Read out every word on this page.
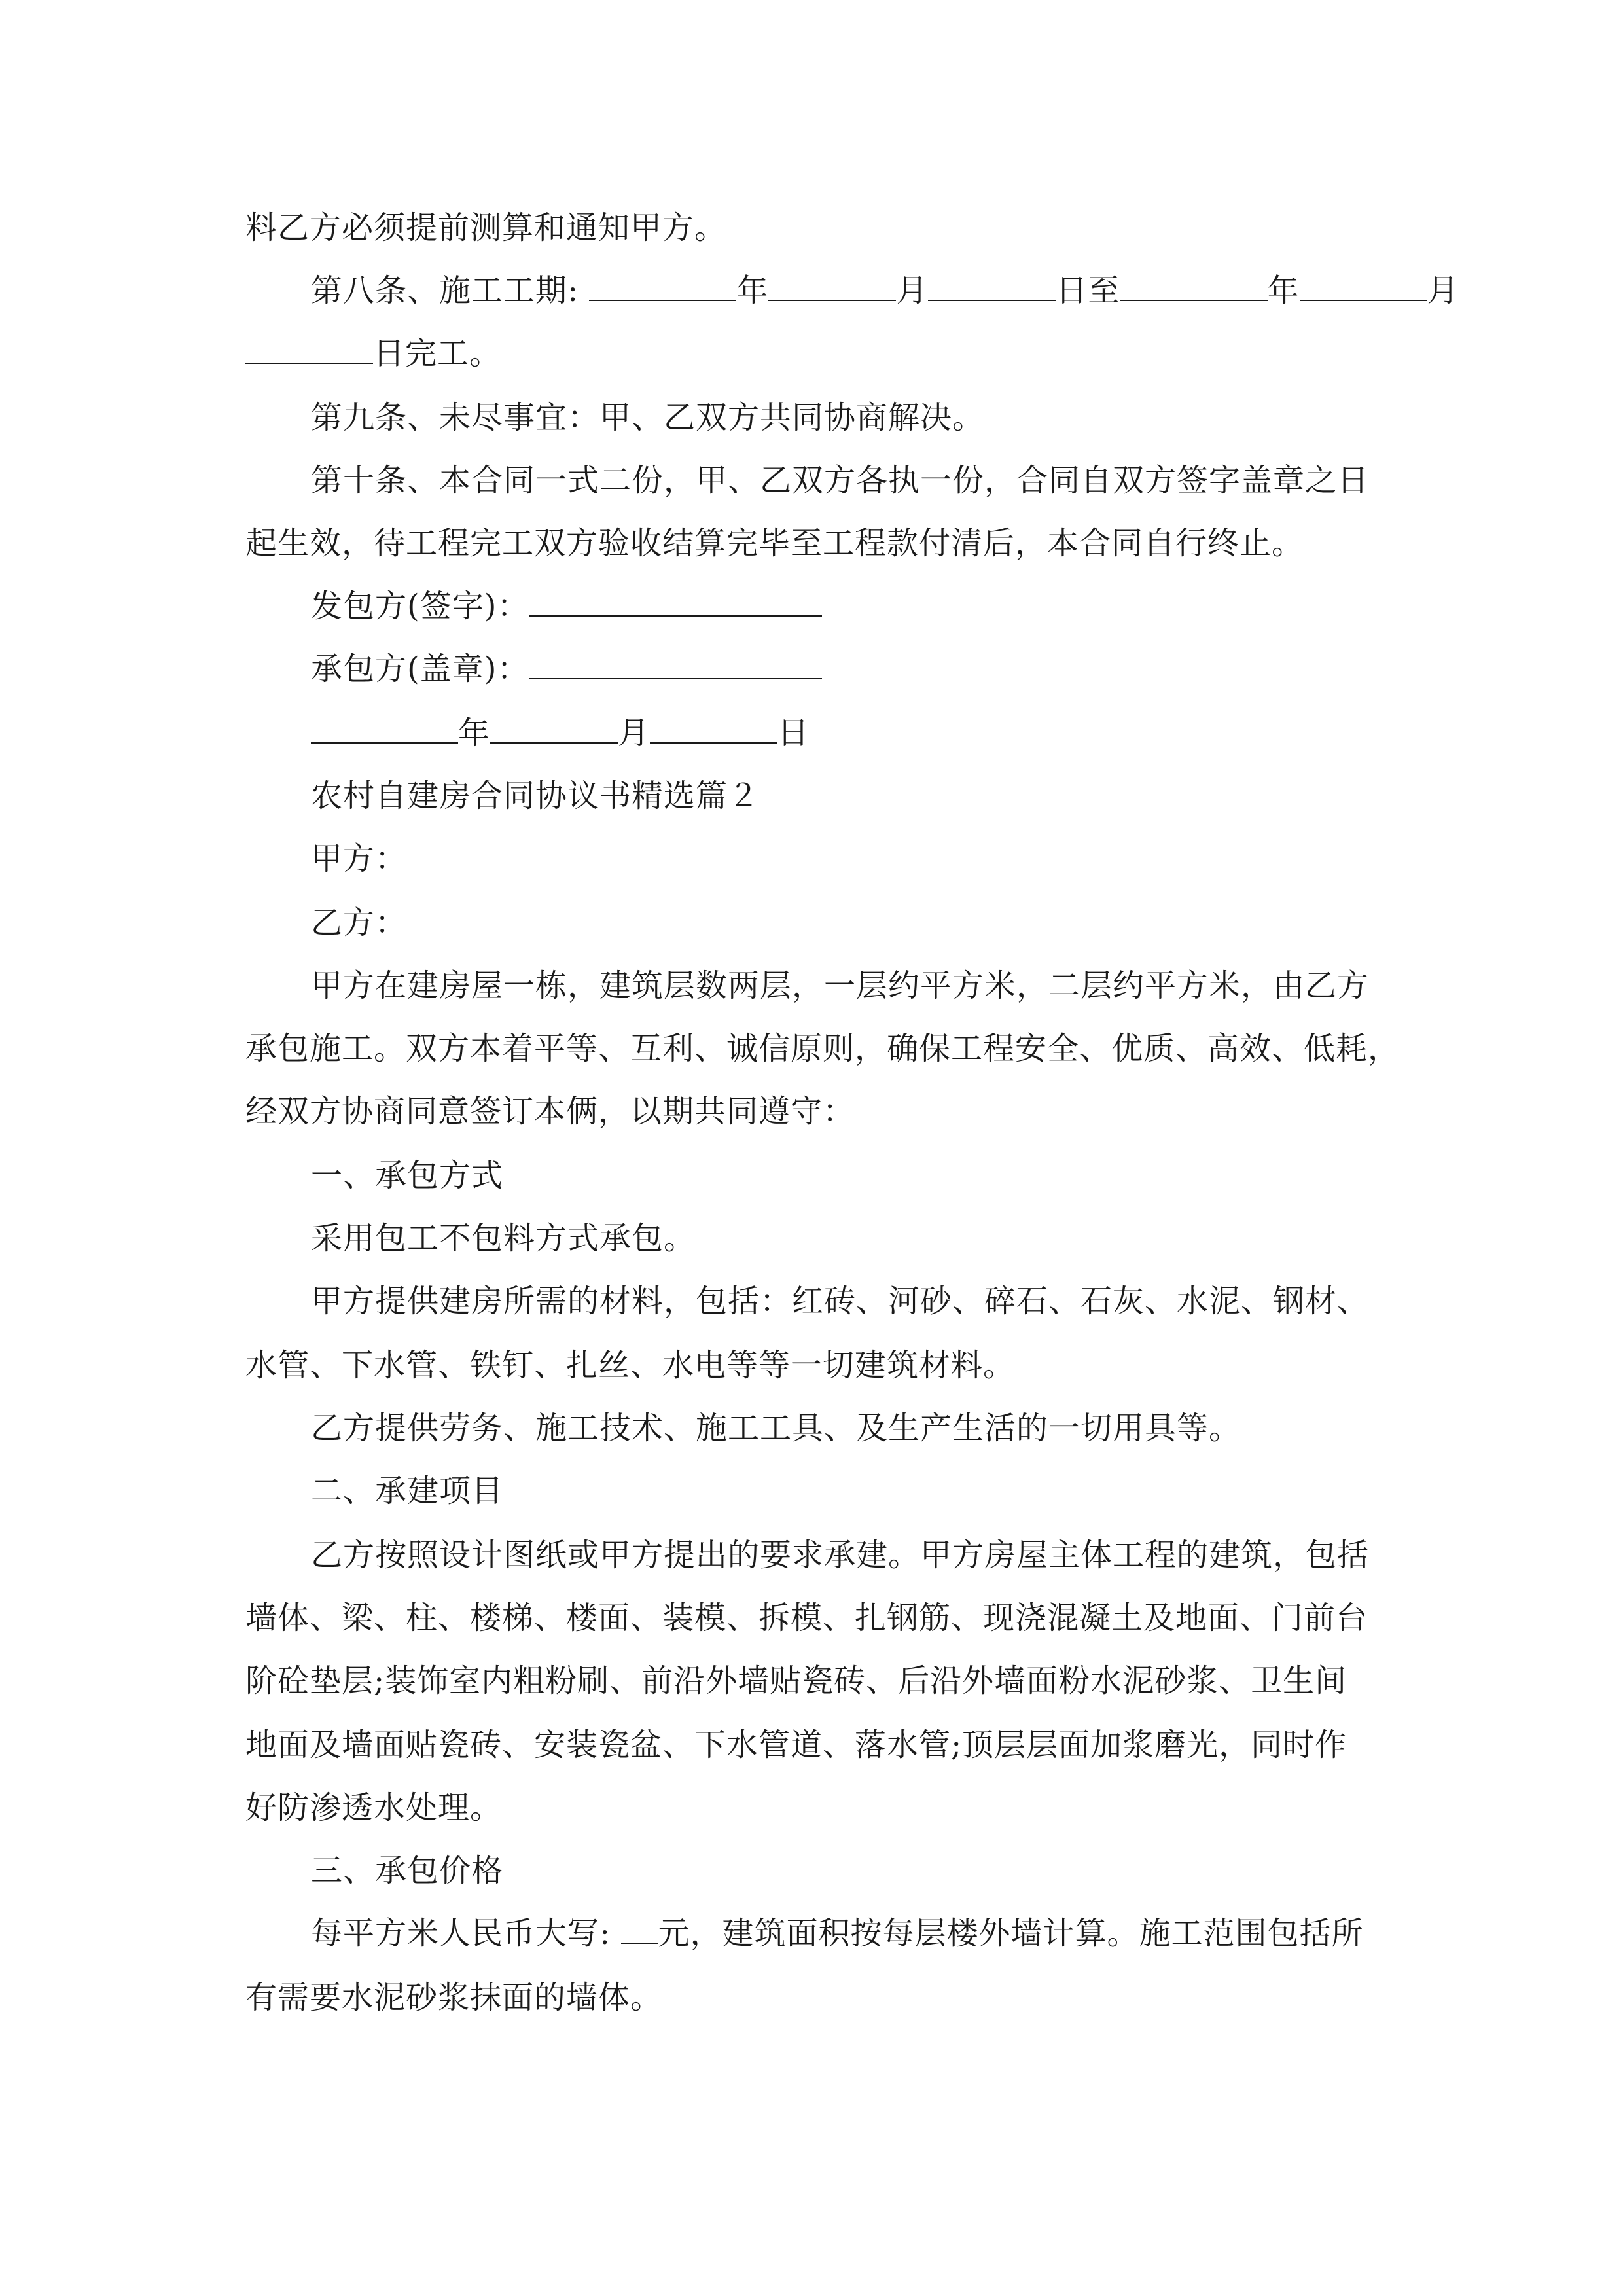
料乙方必须提前测算和通知甲方。
第八条、施工工期:	年	月	日至	年	月
日完工。
第九条、未尽事宜：甲、乙双方共同协商解决。
第十条、本合同一式二份，甲、乙双方各执一份，合同自双方签字盖章之日
起生效，待工程完工双方验收结算完毕至工程款付清后，本合同自行终止。
发包方(签字)：
承包方(盖章)：
年	月	日
农村自建房合同协议书精选篇２
甲方：
乙方：
甲方在建房屋一栋，建筑层数两层，一层约平方米，二层约平方米，由乙方
承包施工。双方本着平等、互利、诚信原则，确保工程安全、优质、高效、低耗，
经双方协商同意签订本俩，以期共同遵守：
一、承包方式
采用包工不包料方式承包。
甲方提供建房所需的材料，包括：红砖、河砂、碎石、石灰、水泥、钢材、
水管、下水管、铁钉、扎丝、水电等等一切建筑材料。
乙方提供劳务、施工技术、施工工具、及生产生活的一切用具等。
二、承建项目
乙方按照设计图纸或甲方提出的要求承建。甲方房屋主体工程的建筑，包括
墙体、梁、柱、楼梯、楼面、装模、拆模、扎钢筋、现浇混凝土及地面、门前台
阶砼垫层;装饰室内粗粉刷、前沿外墙贴瓷砖、后沿外墙面粉水泥砂浆、卫生间
地面及墙面贴瓷砖、安装瓷盆、下水管道、落水管;顶层层面加浆磨光，同时作
好防渗透水处理。
三、承包价格
每平方米人民币大写: 元，建筑面积按每层楼外墙计算。施工范围包括所
有需要水泥砂浆抹面的墙体。
